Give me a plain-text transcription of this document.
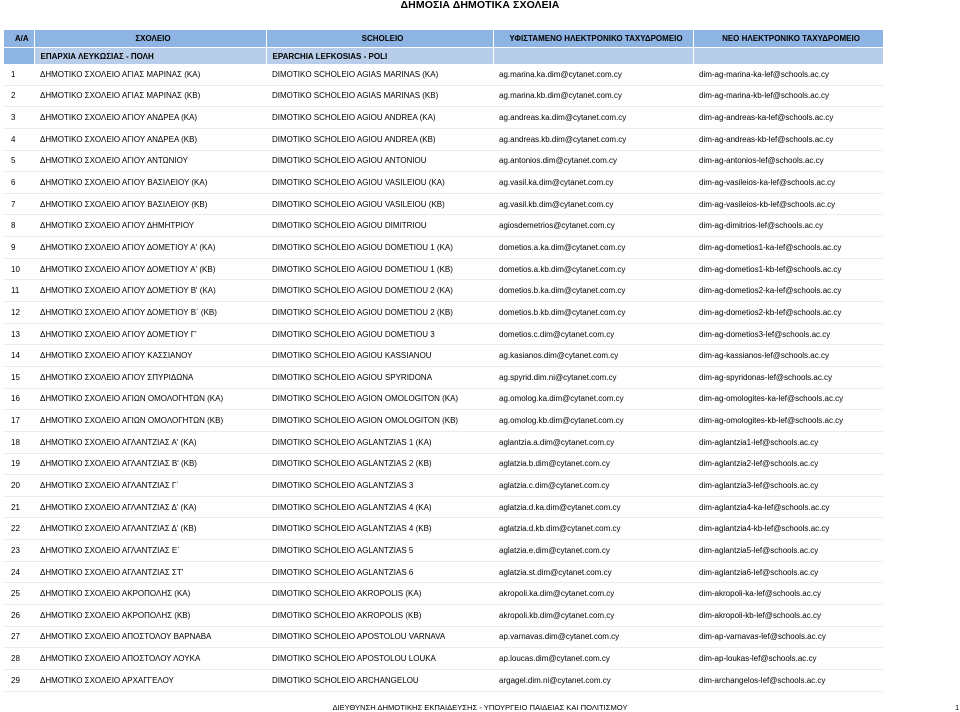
ΔΗΜΟΣΙΑ ΔΗΜΟΤΙΚΑ ΣΧΟΛΕΙΑ
Α/Α	ΣΧΟΛΕΙΟ	SCHOLEIO	ΥΦΙΣΤΑΜΕΝΟ ΗΛΕΚΤΡΟΝΙΚΟ ΤΑΧΥΔΡΟΜΕΙΟ	ΝΕΟ ΗΛΕΚΤΡΟΝΙΚΟ ΤΑΧΥΔΡΟΜΕΙΟ
	ΕΠΑΡΧΙΑ ΛΕΥΚΩΣΙΑΣ - ΠΟΛΗ	EPARCHIA LEFKOSIAS - POLI		
1	ΔΗΜΟΤΙΚΟ ΣΧΟΛΕΙΟ ΑΓΙΑΣ ΜΑΡΙΝΑΣ (ΚΑ)	DIMOTIKO SCHOLEIO AGIAS MARINAS (KA)	ag.marina.ka.dim@cytanet.com.cy	dim-ag-marina-ka-lef@schools.ac.cy
2	ΔΗΜΟΤΙΚΟ ΣΧΟΛΕΙΟ ΑΓΙΑΣ ΜΑΡΙΝΑΣ (ΚΒ)	DIMOTIKO SCHOLEIO AGIAS MARINAS (KB)	ag.marina.kb.dim@cytanet.com.cy	dim-ag-marina-kb-lef@schools.ac.cy
3	ΔΗΜΟΤΙΚΟ ΣΧΟΛΕΙΟ ΑΓΙΟΥ ΑΝΔΡΕΑ (ΚΑ)	DIMOTIKO SCHOLEIO AGIOU ANDREA (KA)	ag.andreas.ka.dim@cytanet.com.cy	dim-ag-andreas-ka-lef@schools.ac.cy
4	ΔΗΜΟΤΙΚΟ ΣΧΟΛΕΙΟ ΑΓΙΟΥ ΑΝΔΡΕΑ (ΚΒ)	DIMOTIKO SCHOLEIO AGIOU ANDREA (KB)	ag.andreas.kb.dim@cytanet.com.cy	dim-ag-andreas-kb-lef@schools.ac.cy
5	ΔΗΜΟΤΙΚΟ ΣΧΟΛΕΙΟ ΑΓΙΟΥ ΑΝΤΩΝΙΟΥ	DIMOTIKO SCHOLEIO AGIOU ANTONIOU	ag.antonios.dim@cytanet.com.cy	dim-ag-antonios-lef@schools.ac.cy
6	ΔΗΜΟΤΙΚΟ ΣΧΟΛΕΙΟ ΑΓΙΟΥ ΒΑΣΙΛΕΙΟΥ (ΚΑ)	DIMOTIKO SCHOLEIO AGIOU VASILEIOU (KA)	ag.vasil.ka.dim@cytanet.com.cy	dim-ag-vasileios-ka-lef@schools.ac.cy
7	ΔΗΜΟΤΙΚΟ ΣΧΟΛΕΙΟ ΑΓΙΟΥ ΒΑΣΙΛΕΙΟΥ (ΚΒ)	DIMOTIKO SCHOLEIO AGIOU VASILEIOU (KB)	ag.vasil.kb.dim@cytanet.com.cy	dim-ag-vasileios-kb-lef@schools.ac.cy
8	ΔΗΜΟΤΙΚΟ ΣΧΟΛΕΙΟ ΑΓΙΟΥ ΔΗΜΗΤΡΙΟΥ	DIMOTIKO SCHOLEIO AGIOU DIMITRIOU	agiosdemetrios@cytanet.com.cy	dim-ag-dimitrios-lef@schools.ac.cy
9	ΔΗΜΟΤΙΚΟ ΣΧΟΛΕΙΟ ΑΓΙΟΥ ΔΟΜΕΤΙΟΥ Α' (ΚΑ)	DIMOTIKO SCHOLEIO AGIOU DOMETIOU 1 (KA)	dometios.a.ka.dim@cytanet.com.cy	dim-ag-dometios1-ka-lef@schools.ac.cy
10	ΔΗΜΟΤΙΚΟ ΣΧΟΛΕΙΟ ΑΓΙΟΥ ΔΟΜΕΤΙΟΥ Α' (ΚΒ)	DIMOTIKO SCHOLEIO AGIOU DOMETIOU 1 (KB)	dometios.a.kb.dim@cytanet.com.cy	dim-ag-dometios1-kb-lef@schools.ac.cy
11	ΔΗΜΟΤΙΚΟ ΣΧΟΛΕΙΟ ΑΓΙΟΥ ΔΟΜΕΤΙΟΥ Β' (ΚΑ)	DIMOTIKO SCHOLEIO AGIOU DOMETIOU 2 (KA)	dometios.b.ka.dim@cytanet.com.cy	dim-ag-dometios2-ka-lef@schools.ac.cy
12	ΔΗΜΟΤΙΚΟ ΣΧΟΛΕΙΟ ΑΓΙΟΥ ΔΟΜΕΤΙΟΥ Β΄ (ΚΒ)	DIMOTIKO SCHOLEIO AGIOU DOMETIOU 2 (KB)	dometios.b.kb.dim@cytanet.com.cy	dim-ag-dometios2-kb-lef@schools.ac.cy
13	ΔΗΜΟΤΙΚΟ ΣΧΟΛΕΙΟ ΑΓΙΟΥ ΔΟΜΕΤΙΟΥ Γ'	DIMOTIKO SCHOLEIO AGIOU DOMETIOU 3	dometios.c.dim@cytanet.com.cy	dim-ag-dometios3-lef@schools.ac.cy
14	ΔΗΜΟΤΙΚΟ ΣΧΟΛΕΙΟ ΑΓΙΟΥ ΚΑΣΣΙΑΝΟΥ	DIMOTIKO SCHOLEIO AGIOU KASSIANOU	ag.kasianos.dim@cytanet.com.cy	dim-ag-kassianos-lef@schools.ac.cy
15	ΔΗΜΟΤΙΚΟ ΣΧΟΛΕΙΟ ΑΓΙΟΥ ΣΠΥΡΙΔΩΝΑ	DIMOTIKO SCHOLEIO AGIOU SPYRIDONA	ag.spyrid.dim.ni@cytanet.com.cy	dim-ag-spyridonas-lef@schools.ac.cy
16	ΔΗΜΟΤΙΚΟ ΣΧΟΛΕΙΟ ΑΓΙΩΝ ΟΜΟΛΟΓΗΤΩΝ (ΚΑ)	DIMOTIKO SCHOLEIO AGION OMOLOGITON (KA)	ag.omolog.ka.dim@cytanet.com.cy	dim-ag-omologites-ka-lef@schools.ac.cy
17	ΔΗΜΟΤΙΚΟ ΣΧΟΛΕΙΟ ΑΓΙΩΝ ΟΜΟΛΟΓΗΤΩΝ (ΚΒ)	DIMOTIKO SCHOLEIO AGION OMOLOGITON (KB)	ag.omolog.kb.dim@cytanet.com.cy	dim-ag-omologites-kb-lef@schools.ac.cy
18	ΔΗΜΟΤΙΚΟ ΣΧΟΛΕΙΟ ΑΓΛΑΝΤΖΙΑΣ Α' (ΚΑ)	DIMOTIKO SCHOLEIO AGLANTZIAS 1 (KA)	aglantzia.a.dim@cytanet.com.cy	dim-aglantzia1-lef@schools.ac.cy
19	ΔΗΜΟΤΙΚΟ ΣΧΟΛΕΙΟ ΑΓΛΑΝΤΖΙΑΣ Β' (ΚΒ)	DIMOTIKO SCHOLEIO AGLANTZIAS 2 (KB)	aglatzia.b.dim@cytanet.com.cy	dim-aglantzia2-lef@schools.ac.cy
20	ΔΗΜΟΤΙΚΟ ΣΧΟΛΕΙΟ ΑΓΛΑΝΤΖΙΑΣ Γ΄	DIMOTIKO SCHOLEIO AGLANTZIAS 3	aglatzia.c.dim@cytanet.com.cy	dim-aglantzia3-lef@schools.ac.cy
21	ΔΗΜΟΤΙΚΟ ΣΧΟΛΕΙΟ ΑΓΛΑΝΤΖΙΑΣ Δ' (ΚΑ)	DIMOTIKO SCHOLEIO AGLANTZIAS 4 (KA)	aglatzia.d.ka.dim@cytanet.com.cy	dim-aglantzia4-ka-lef@schools.ac.cy
22	ΔΗΜΟΤΙΚΟ ΣΧΟΛΕΙΟ ΑΓΛΑΝΤΖΙΑΣ Δ' (ΚΒ)	DIMOTIKO SCHOLEIO AGLANTZIAS 4 (KB)	aglatzia.d.kb.dim@cytanet.com.cy	dim-aglantzia4-kb-lef@schools.ac.cy
23	ΔΗΜΟΤΙΚΟ ΣΧΟΛΕΙΟ ΑΓΛΑΝΤΖΙΑΣ Ε΄	DIMOTIKO SCHOLEIO AGLANTZIAS 5	aglatzia.e.dim@cytanet.com.cy	dim-aglantzia5-lef@schools.ac.cy
24	ΔΗΜΟΤΙΚΟ ΣΧΟΛΕΙΟ ΑΓΛΑΝΤΖΙΑΣ ΣΤ'	DIMOTIKO SCHOLEIO AGLANTZIAS 6	aglatzia.st.dim@cytanet.com.cy	dim-aglantzia6-lef@schools.ac.cy
25	ΔΗΜΟΤΙΚΟ ΣΧΟΛΕΙΟ ΑΚΡΟΠΟΛΗΣ (ΚΑ)	DIMOTIKO SCHOLEIO AKROPOLIS (KA)	akropoli.ka.dim@cytanet.com.cy	dim-akropoli-ka-lef@schools.ac.cy
26	ΔΗΜΟΤΙΚΟ ΣΧΟΛΕΙΟ ΑΚΡΟΠΟΛΗΣ (ΚΒ)	DIMOTIKO SCHOLEIO AKROPOLIS (KB)	akropoli.kb.dim@cytanet.com.cy	dim-akropoli-kb-lef@schools.ac.cy
27	ΔΗΜΟΤΙΚΟ ΣΧΟΛΕΙΟ ΑΠΟΣΤΟΛΟΥ ΒΑΡΝΑΒΑ	DIMOTIKO SCHOLEIO APOSTOLOU VARNAVA	ap.varnavas.dim@cytanet.com.cy	dim-ap-varnavas-lef@schools.ac.cy
28	ΔΗΜΟΤΙΚΟ ΣΧΟΛΕΙΟ ΑΠΟΣΤΟΛΟΥ ΛΟΥΚΑ	DIMOTIKO SCHOLEIO APOSTOLOU LOUKA	ap.loucas.dim@cytanet.com.cy	dim-ap-loukas-lef@schools.ac.cy
29	ΔΗΜΟΤΙΚΟ ΣΧΟΛΕΙΟ ΑΡΧΑΓΓΕΛΟΥ	DIMOTIKO SCHOLEIO ARCHANGELOU	argagel.dim.ni@cytanet.com.cy	dim-archangelos-lef@schools.ac.cy
ΔΙΕΥΘΥΝΣΗ ΔΗΜΟΤΙΚΗΣ ΕΚΠΑΙΔΕΥΣΗΣ - ΥΠΟΥΡΓΕΙΟ ΠΑΙΔΕΙΑΣ ΚΑΙ ΠΟΛΙΤΙΣΜΟΥ	1
